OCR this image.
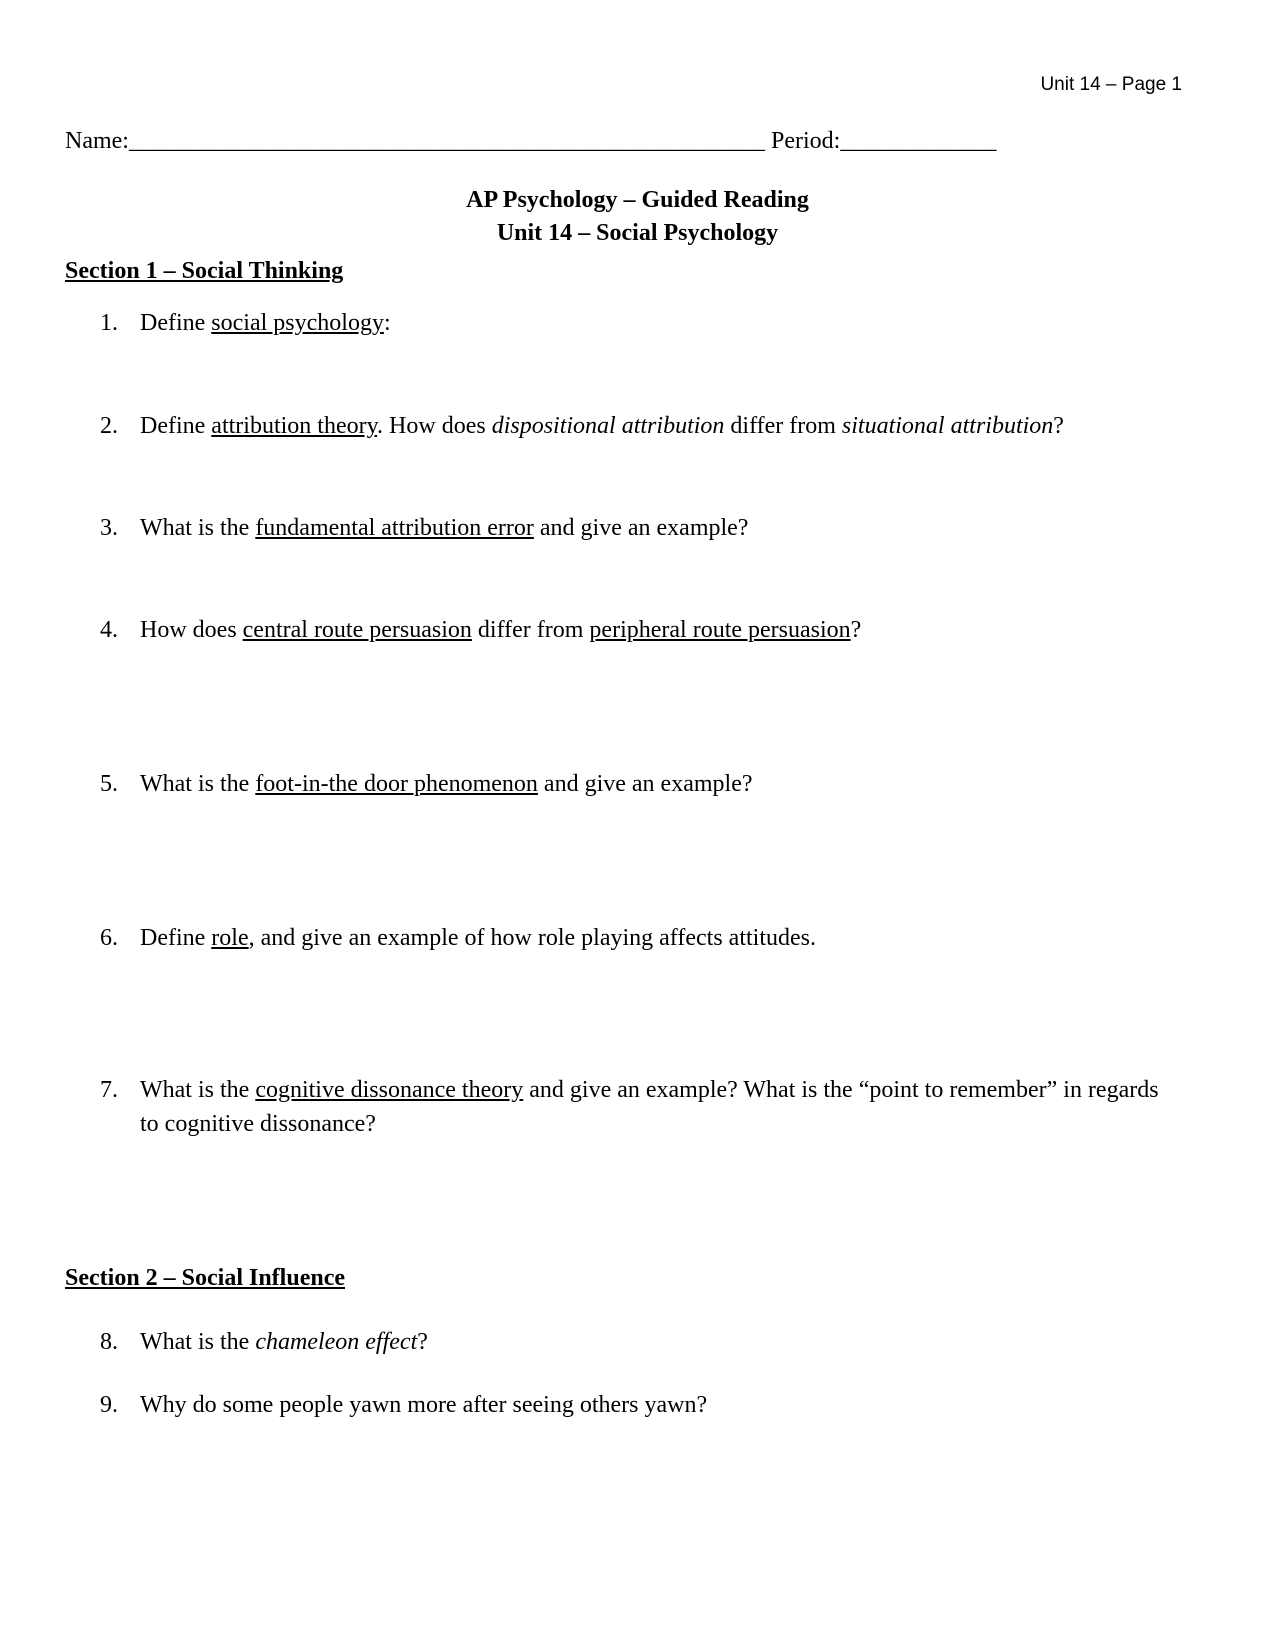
Unit 14 – Page 1
Name:_____________________________________________________ Period:_____________
AP Psychology – Guided Reading
Unit 14 – Social Psychology
Section 1 – Social Thinking
1. Define social psychology:
2. Define attribution theory. How does dispositional attribution differ from situational attribution?
3. What is the fundamental attribution error and give an example?
4. How does central route persuasion differ from peripheral route persuasion?
5. What is the foot-in-the door phenomenon and give an example?
6. Define role, and give an example of how role playing affects attitudes.
7. What is the cognitive dissonance theory and give an example? What is the “point to remember” in regards to cognitive dissonance?
Section 2 – Social Influence
8. What is the chameleon effect?
9. Why do some people yawn more after seeing others yawn?
